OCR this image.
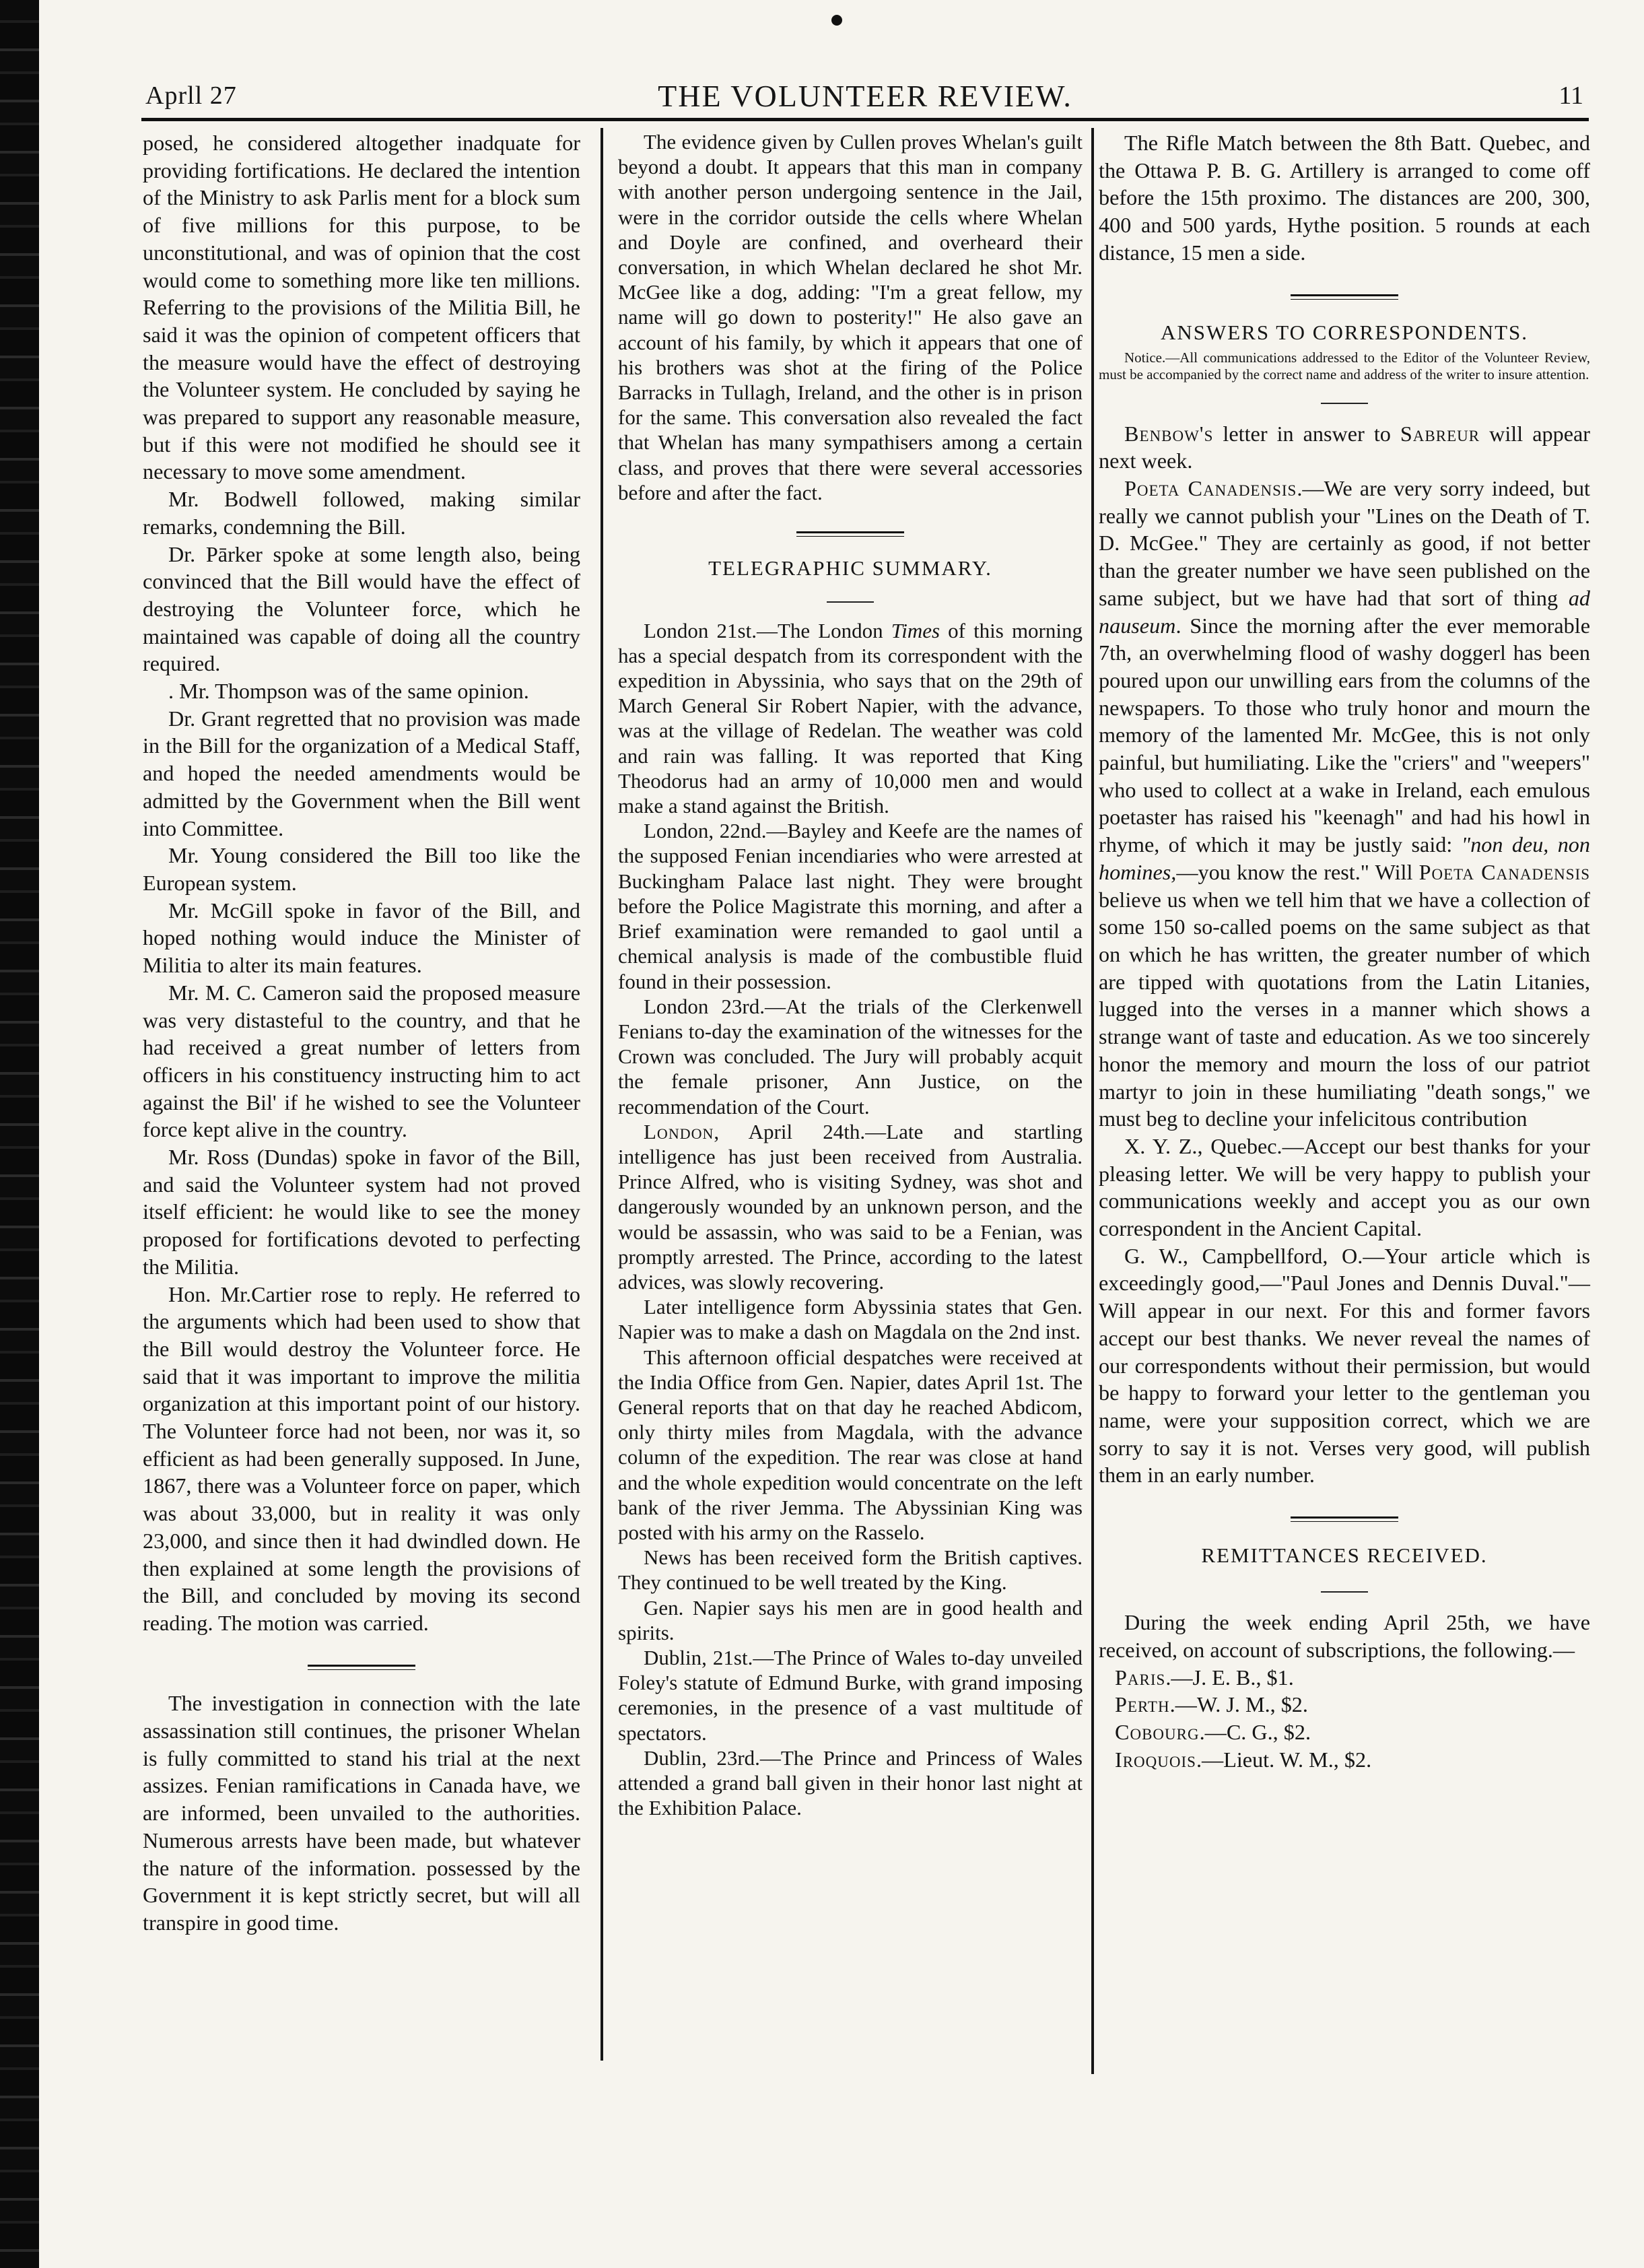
Aprll 27	THE VOLUNTEER REVIEW.	11

posed, he considered altogether inadquate for providing fortifications. He declared the intention of the Ministry to ask Parlis ment for a block sum of five millions for this purpose, to be unconstitutional, and was of opinion that the cost would come to something more like ten millions. Referring to the provisions of the Militia Bill, he said it was the opinion of competent officers that the measure would have the effect of destroying the Volunteer system. He concluded by saying he was prepared to support any reasonable measure, but if this were not modified he should see it necessary to move some amendment.

Mr. Bodwell followed, making similar remarks, condemning the Bill.

Dr. Pārker spoke at some length also, being convinced that the Bill would have the effect of destroying the Volunteer force, which he maintained was capable of doing all the country required.

. Mr. Thompson was of the same opinion.

Dr. Grant regretted that no provision was made in the Bill for the organization of a Medical Staff, and hoped the needed amendments would be admitted by the Government when the Bill went into Committee.

Mr. Young considered the Bill too like the European system.

Mr. McGill spoke in favor of the Bill, and hoped nothing would induce the Minister of Militia to alter its main features.

Mr. M. C. Cameron said the proposed measure was very distasteful to the country, and that he had received a great number of letters from officers in his constituency instructing him to act against the Bil' if he wished to see the Volunteer force kept alive in the country.

Mr. Ross (Dundas) spoke in favor of the Bill, and said the Volunteer system had not proved itself efficient: he would like to see the money proposed for fortifications devoted to perfecting the Militia.

Hon. Mr.Cartier rose to reply. He referred to the arguments which had been used to show that the Bill would destroy the Volunteer force. He said that it was important to improve the militia organization at this important point of our history. The Volunteer force had not been, nor was it, so efficient as had been generally supposed. In June, 1867, there was a Volunteer force on paper, which was about 33,000, but in reality it was only 23,000, and since then it had dwindled down. He then explained at some length the provisions of the Bill, and concluded by moving its second reading. The motion was carried.

The investigation in connection with the late assassination still continues, the prisoner Whelan is fully committed to stand his trial at the next assizes. Fenian ramifications in Canada have, we are informed, been unvailed to the authorities. Numerous arrests have been made, but whatever the nature of the information. possessed by the Government it is kept strictly secret, but will all transpire in good time.

The evidence given by Cullen proves Whelan's guilt beyond a doubt. It appears that this man in company with another person undergoing sentence in the Jail, were in the corridor outside the cells where Whelan and Doyle are confined, and overheard their conversation, in which Whelan declared he shot Mr. McGee like a dog, adding: "I'm a great fellow, my name will go down to posterity!" He also gave an account of his family, by which it appears that one of his brothers was shot at the firing of the Police Barracks in Tullagh, Ireland, and the other is in prison for the same. This conversation also revealed the fact that Whelan has many sympathisers among a certain class, and proves that there were several accessories before and after the fact.

TELEGRAPHIC SUMMARY.

London 21st.—The London Times of this morning has a special despatch from its correspondent with the expedition in Abyssinia, who says that on the 29th of March General Sir Robert Napier, with the advance, was at the village of Redelan. The weather was cold and rain was falling. It was reported that King Theodorus had an army of 10,000 men and would make a stand against the British.

London, 22nd.—Bayley and Keefe are the names of the supposed Fenian incendiaries who were arrested at Buckingham Palace last night. They were brought before the Police Magistrate this morning, and after a Brief examination were remanded to gaol until a chemical analysis is made of the combustible fluid found in their possession.

London 23rd.—At the trials of the Clerkenwell Fenians to-day the examination of the witnesses for the Crown was concluded. The Jury will probably acquit the female prisoner, Ann Justice, on the recommendation of the Court.

London, April 24th.—Late and startling intelligence has just been received from Australia. Prince Alfred, who is visiting Sydney, was shot and dangerously wounded by an unknown person, and the would be assassin, who was said to be a Fenian, was promptly arrested. The Prince, according to the latest advices, was slowly recovering.

Later intelligence form Abyssinia states that Gen. Napier was to make a dash on Magdala on the 2nd inst.

This afternoon official despatches were received at the India Office from Gen. Napier, dates April 1st. The General reports that on that day he reached Abdicom, only thirty miles from Magdala, with the advance column of the expedition. The rear was close at hand and the whole expedition would concentrate on the left bank of the river Jemma. The Abyssinian King was posted with his army on the Rasselo.

News has been received form the British captives. They continued to be well treated by the King.

Gen. Napier says his men are in good health and spirits.

Dublin, 21st.—The Prince of Wales to-day unveiled Foley's statute of Edmund Burke, with grand imposing ceremonies, in the presence of a vast multitude of spectators.

Dublin, 23rd.—The Prince and Princess of Wales attended a grand ball given in their honor last night at the Exhibition Palace.

The Rifle Match between the 8th Batt. Quebec, and the Ottawa P. B. G. Artillery is arranged to come off before the 15th proximo. The distances are 200, 300, 400 and 500 yards, Hythe position. 5 rounds at each distance, 15 men a side.

ANSWERS TO CORRESPONDENTS.

Notice.—All communications addressed to the Editor of the Volunteer Review, must be accompanied by the correct name and address of the writer to insure attention.

Benbow's letter in answer to Sabreur will appear next week.

Poeta Canadensis.—We are very sorry indeed, but really we cannot publish your "Lines on the Death of T. D. McGee." They are certainly as good, if not better than the greater number we have seen published on the same subject, but we have had that sort of thing ad nauseum. Since the morning after the ever memorable 7th, an overwhelming flood of washy doggerl has been poured upon our unwilling ears from the columns of the newspapers. To those who truly honor and mourn the memory of the lamented Mr. McGee, this is not only painful, but humiliating. Like the "criers" and "weepers" who used to collect at a wake in Ireland, each emulous poetaster has raised his "keenagh" and had his howl in rhyme, of which it may be justly said: "non deu, non homines,—you know the rest." Will Poeta Canadensis believe us when we tell him that we have a collection of some 150 so-called poems on the same subject as that on which he has written, the greater number of which are tipped with quotations from the Latin Litanies, lugged into the verses in a manner which shows a strange want of taste and education. As we too sincerely honor the memory and mourn the loss of our patriot martyr to join in these humiliating "death songs," we must beg to decline your infelicitous contribution

X. Y. Z., Quebec.—Accept our best thanks for your pleasing letter. We will be very happy to publish your communications weekly and accept you as our own correspondent in the Ancient Capital.

G. W., Campbellford, O.—Your article which is exceedingly good,—"Paul Jones and Dennis Duval."—Will appear in our next. For this and former favors accept our best thanks. We never reveal the names of our correspondents without their permission, but would be happy to forward your letter to the gentleman you name, were your supposition correct, which we are sorry to say it is not. Verses very good, will publish them in an early number.

REMITTANCES RECEIVED.

During the week ending April 25th, we have received, on account of subscriptions, the following.—

Paris.—J. E. B., $1.

Perth.—W. J. M., $2.

Cobourg.—C. G., $2.

Iroquois.—Lieut. W. M., $2.
